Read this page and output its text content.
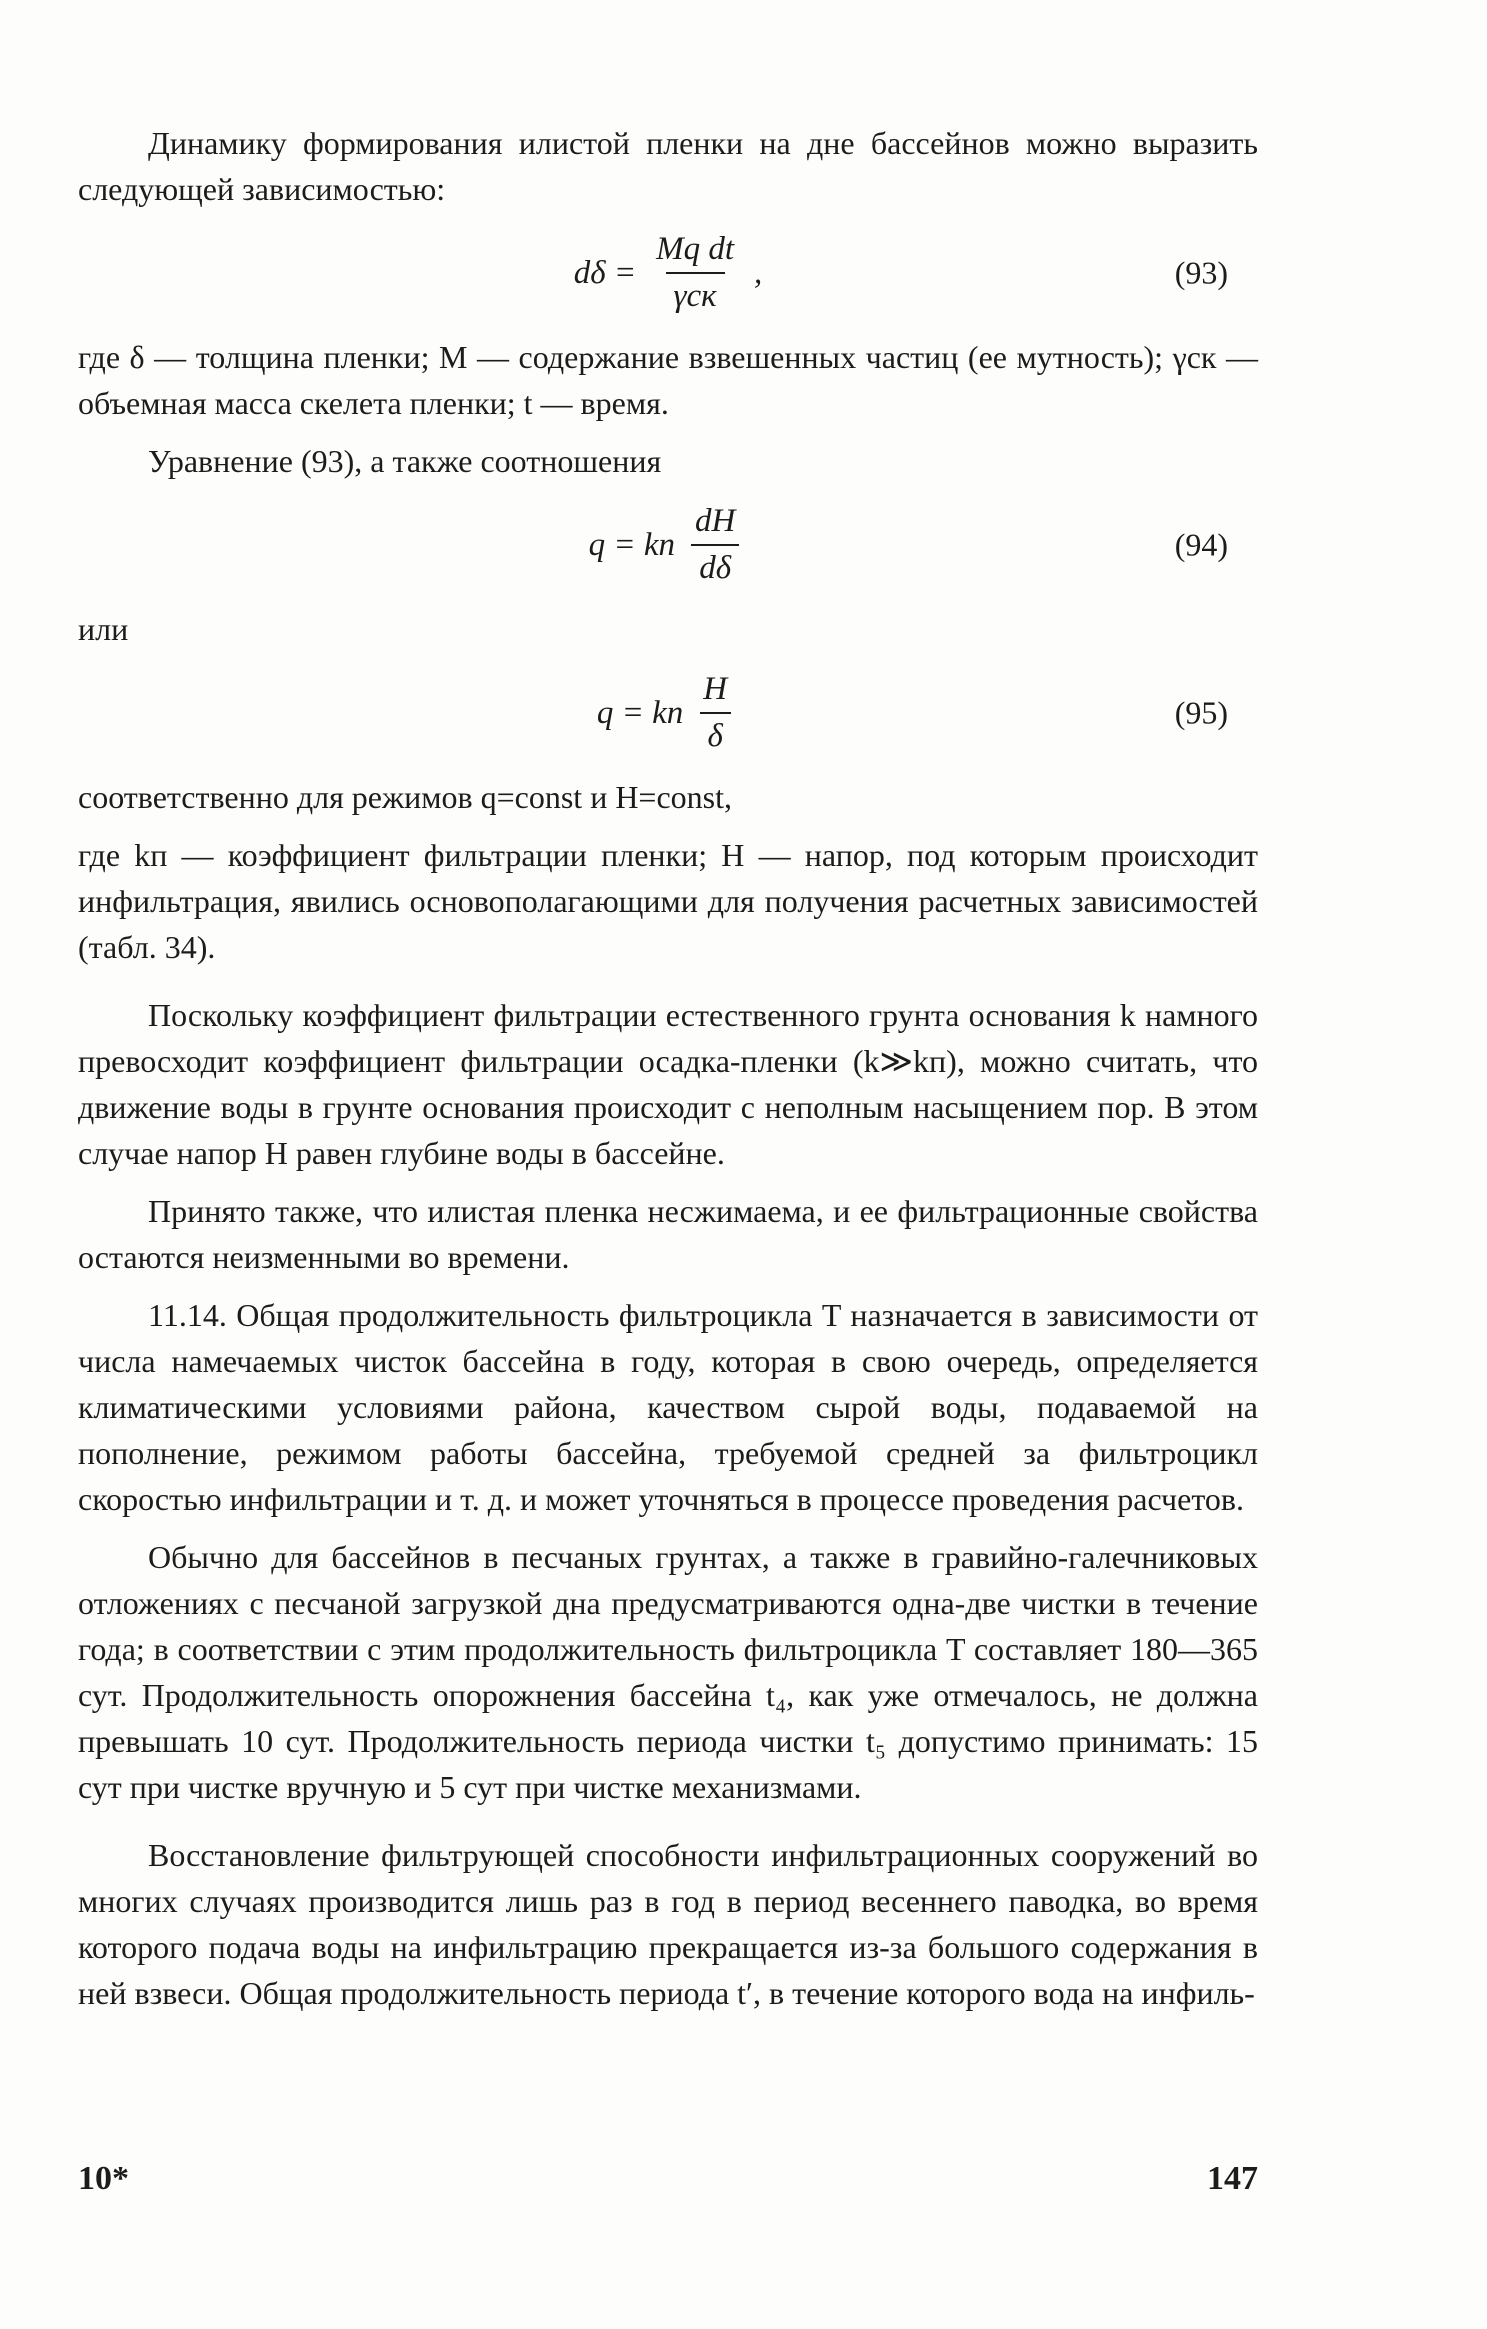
Динамику формирования илистой пленки на дне бассейнов можно выразить следующей зависимостью:

$d\delta = \frac{\text{Mq dt}}{\text{γск}}$ ,	(93)

где δ — толщина пленки; M — содержание взвешенных частиц (ее мутность); γск — объемная масса скелета пленки; t — время.

Уравнение (93), а также соотношения

q = kп $\frac{dH}{d\delta}$	(94)
или
q = kп $\frac{H}{\delta}$	(95)

соответственно для режимов q=const и H=const,

где kп — коэффициент фильтрации пленки; H — напор, под которым происходит инфильтрация, явились основополагающими для получения расчетных зависимостей (табл. 34).

Поскольку коэффициент фильтрации естественного грунта основания k намного превосходит коэффициент фильтрации осадка-пленки (k≫kп), можно считать, что движение воды в грунте основания происходит с неполным насыщением пор. В этом случае напор H равен глубине воды в бассейне.

Принято также, что илистая пленка несжимаема, и ее фильтрационные свойства остаются неизменными во времени.

11.14. Общая продолжительность фильтроцикла T назначается в зависимости от числа намечаемых чисток бассейна в году, которая в свою очередь, определяется климатическими условиями района, качеством сырой воды, подаваемой на пополнение, режимом работы бассейна, требуемой средней за фильтроцикл скоростью инфильтрации и т. д. и может уточняться в процессе проведения расчетов.

Обычно для бассейнов в песчаных грунтах, а также в гравийно-галечниковых отложениях с песчаной загрузкой дна предусматриваются одна-две чистки в течение года; в соответствии с этим продолжительность фильтроцикла T составляет 180—365 сут. Продолжительность опорожнения бассейна t₄, как уже отмечалось, не должна превышать 10 сут. Продолжительность периода чистки t₅ допустимо принимать: 15 сут при чистке вручную и 5 сут при чистке механизмами.

Восстановление фильтрующей способности инфильтрационных сооружений во многих случаях производится лишь раз в год в период весеннего паводка, во время которого подача воды на инфильтрацию прекращается из-за большого содержания в ней взвеси. Общая продолжительность периода t′, в течение которого вода на инфиль-

10*	147
